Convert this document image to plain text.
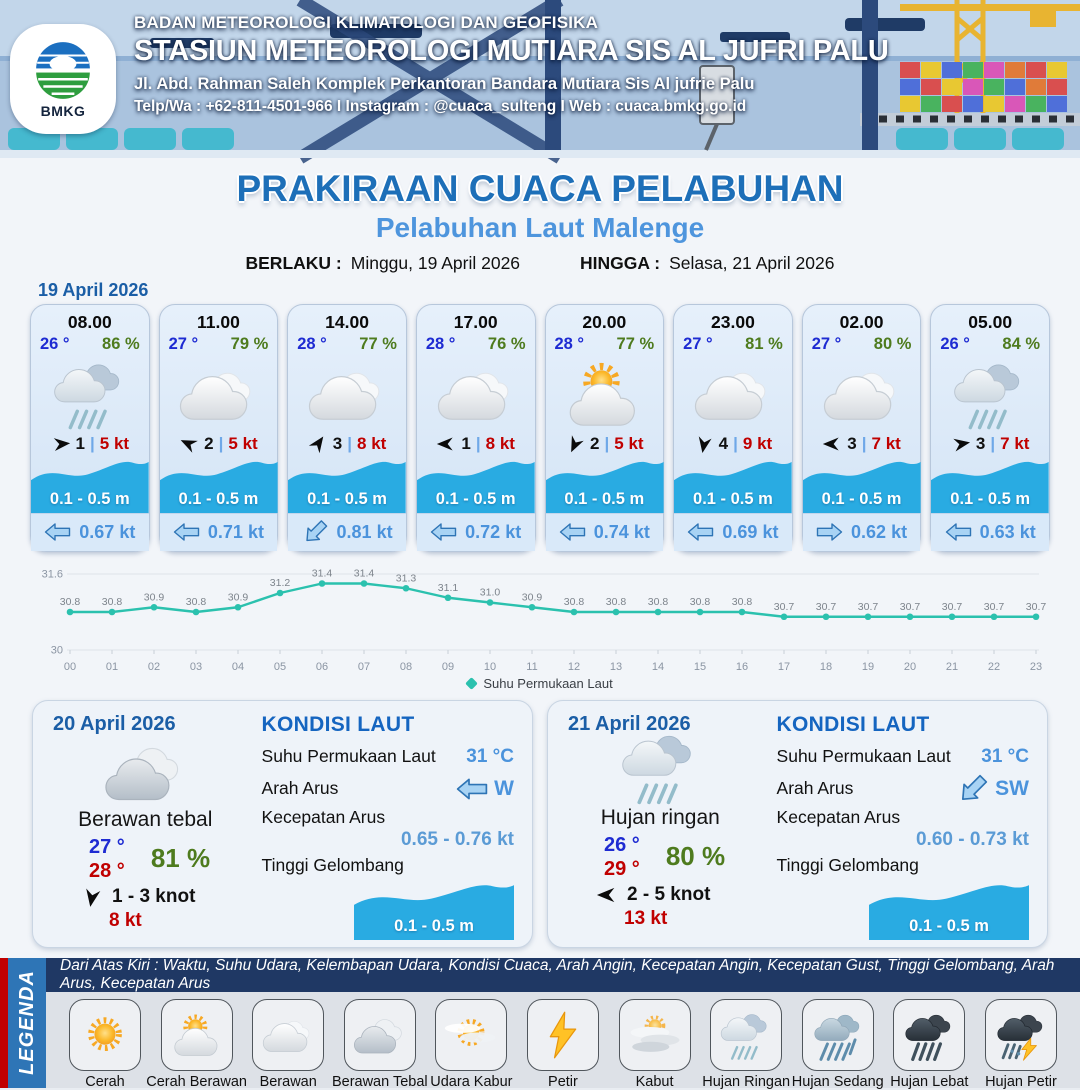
BMKG
BADAN METEOROLOGI KLIMATOLOGI DAN GEOFISIKA
STASIUN METEOROLOGI MUTIARA SIS AL JUFRI PALU
Jl. Abd. Rahman Saleh Komplek Perkantoran Bandara Mutiara Sis Al jufrie Palu
Telp/Wa : +62-811-4501-966 I Instagram : @cuaca_sulteng I Web : cuaca.bmkg.go.id
PRAKIRAAN CUACA PELABUHAN
Pelabuhan Laut Malenge
BERLAKU : Minggu, 19 April 2026	HINGGA : Selasa, 21 April 2026
19 April 2026
08.00
26 ° 86 %
1 | 5 kt
0.1 - 0.5 m
0.67 kt
11.00
27 ° 79 %
2 | 5 kt
0.1 - 0.5 m
0.71 kt
14.00
28 ° 77 %
3 | 8 kt
0.1 - 0.5 m
0.81 kt
17.00
28 ° 76 %
1 | 8 kt
0.1 - 0.5 m
0.72 kt
20.00
28 ° 77 %
2 | 5 kt
0.1 - 0.5 m
0.74 kt
23.00
27 ° 81 %
4 | 9 kt
0.1 - 0.5 m
0.69 kt
02.00
27 ° 80 %
3 | 7 kt
0.1 - 0.5 m
0.62 kt
05.00
26 ° 84 %
3 | 7 kt
0.1 - 0.5 m
0.63 kt
31.6
30
00	01	02	03	04	05	06	07	08	09	10	11	12	13	14	15	16	17	18	19	20	21	22	23
30.8 30.8 30.9 30.8 30.9
31.2
31.4 31.4 31.3
31.1 31.0 30.9 30.8 30.8 30.8 30.8 30.8 30.7 30.7 30.7 30.7 30.7 30.7 30.7
Suhu Permukaan Laut
20 April 2026
Berawan tebal
27 °
28 ° 81 %
1 - 3 knot
8 kt
KONDISI LAUT
Suhu Permukaan Laut 31 °C
Arah Arus	W
Kecepatan Arus
0.65 - 0.76 kt
Tinggi Gelombang
0.1 - 0.5 m
21 April 2026
Hujan ringan
26 °
29 ° 80 %
2 - 5 knot
13 kt
KONDISI LAUT
Suhu Permukaan Laut 31 °C
Arah Arus	SW
Kecepatan Arus
0.60 - 0.73 kt
Tinggi Gelombang
0.1 - 0.5 m
LEGENDA
Dari Atas Kiri : Waktu, Suhu Udara, Kelembapan Udara, Kondisi Cuaca, Arah Angin, Kecepatan Angin, Kecepatan Gust, Tinggi Gelombang, Arah Arus, Kecepatan Arus
Cerah Cerah Berawan Berawan Berawan Tebal Udara Kabur Petir	Kabut Hujan Ringan Hujan Sedang Hujan Lebat Hujan Petir
